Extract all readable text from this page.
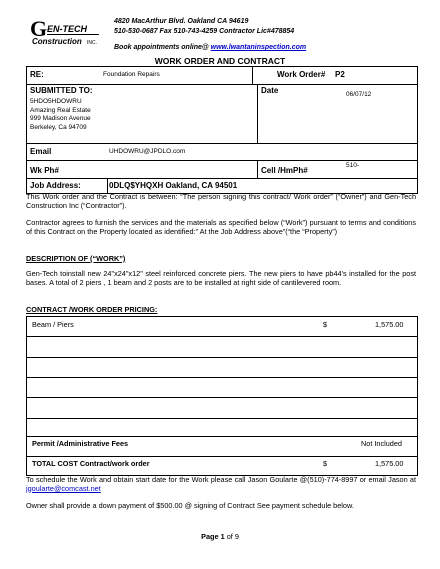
G EN-TECH
Construction INC.
4820 MacArthur Blvd. Oakland CA 94619
510-530-0687 Fax 510-743-4259 Contractor Lic#478854
Book appointments online@ www.lwantaninspection.com
WORK ORDER AND CONTRACT
RE:	Foundation Repairs	Work Order# P2
SUBMITTED TO:	Date	06/07/12
5HDO5HDOWRU
Amazing Real Estate
999 Madison Avenue
Berkeley, Ca 94709
Email	UHDOWRU@JPDLO.com
Wk Ph#	Cell /HmPh#
510-
Job Address:	0DLQ$YHQXH Oakland, CA 94501
This Work order and the Contract is between: “The person signing this contract/ Work order” (“Owner”) and Gen-Tech Construction Inc (“Contractor”).
Contractor agrees to furnish the services and the materials as specified below (“Work”) pursuant to terms and conditions of this Contract on the Property located as identified:” At the Job Address above”(“the “Property”)
DESCRIPTION OF (“WORK”)
Gen-Tech toinstall new 24"x24"x12" steel reinforced concrete piers. The new piers to have pb44's installed for the post bases. A total of 2 piers , 1 beam and 2 posts are to be installed at right side of cantilevered room.
CONTRACT /WORK ORDER PRICING:
Beam / Piers	$	1,575.00
Permit /Administrative Fees	Not Included
TOTAL COST Contract/work order	$	1,575.00
To schedule the Work and obtain start date for the Work please call Jason Goularte @(510)-774-8997 or email Jason at jgoularte@comcast.net
Owner shall provide a down payment of $500.00 @ signing of Contract See payment schedule below.
Page 1 of 9
